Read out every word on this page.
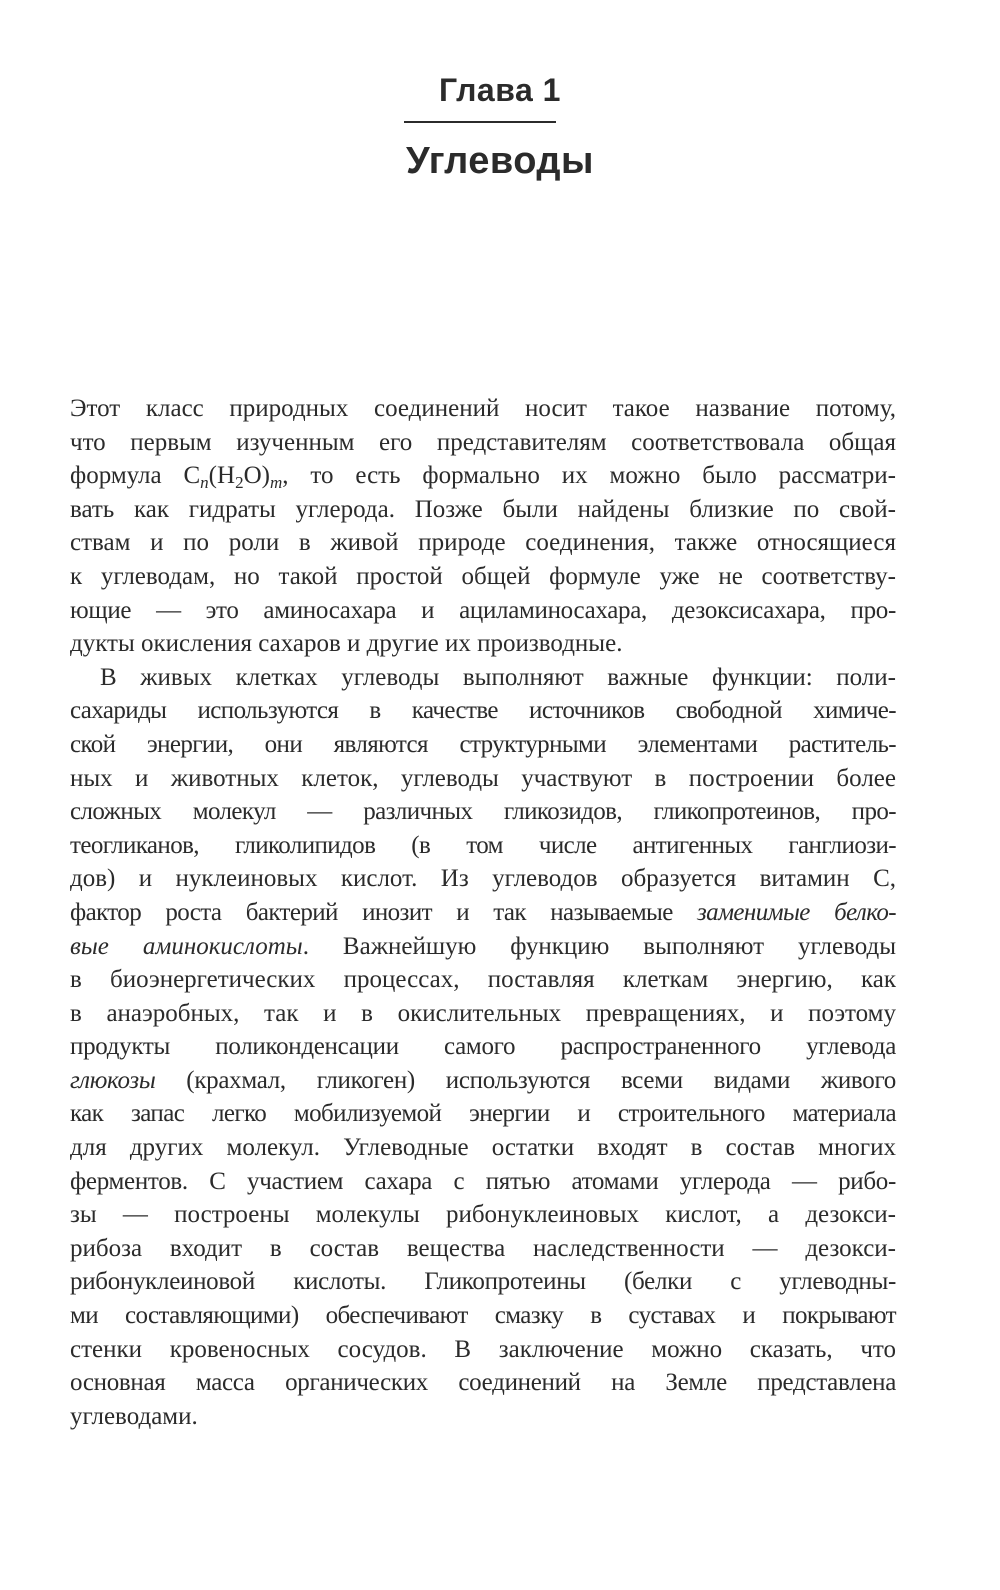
Глава 1
Углеводы

Этот класс природных соединений носит такое название потому,
что первым изученным его представителям соответствовала общая
формула $C_n(H_2O)_m$, то есть формально их можно было рассматри-
вать как гидраты углерода. Позже были найдены близкие по свой-
ствам и по роли в живой природе соединения, также относящиеся
к углеводам, но такой простой общей формуле уже не соответству-
ющие — это аминосахара и ациламиносахара, дезоксисахара, про-
дукты окисления сахаров и другие их производные.

В живых клетках углеводы выполняют важные функции: поли-
сахариды используются в качестве источников свободной химиче-
ской энергии, они являются структурными элементами раститель-
ных и животных клеток, углеводы участвуют в построении более
сложных молекул — различных гликозидов, гликопротеинов, про-
теогликанов, гликолипидов (в том числе антигенных ганглиози-
дов) и нуклеиновых кислот. Из углеводов образуется витамин С,
фактор роста бактерий инозит и так называемые заменимые белко-
вые аминокислоты. Важнейшую функцию выполняют углеводы
в биоэнергетических процессах, поставляя клеткам энергию, как
в анаэробных, так и в окислительных превращениях, и поэтому
продукты поликонденсации самого распространенного углевода
глюкозы (крахмал, гликоген) используются всеми видами живого
как запас легко мобилизуемой энергии и строительного материала
для других молекул. Углеводные остатки входят в состав многих
ферментов. С участием сахара с пятью атомами углерода — рибо-
зы — построены молекулы рибонуклеиновых кислот, а дезокси-
рибоза входит в состав вещества наследственности — дезокси-
рибонуклеиновой кислоты. Гликопротеины (белки с углеводны-
ми составляющими) обеспечивают смазку в суставах и покрывают
стенки кровеносных сосудов. В заключение можно сказать, что
основная масса органических соединений на Земле представлена
углеводами.
